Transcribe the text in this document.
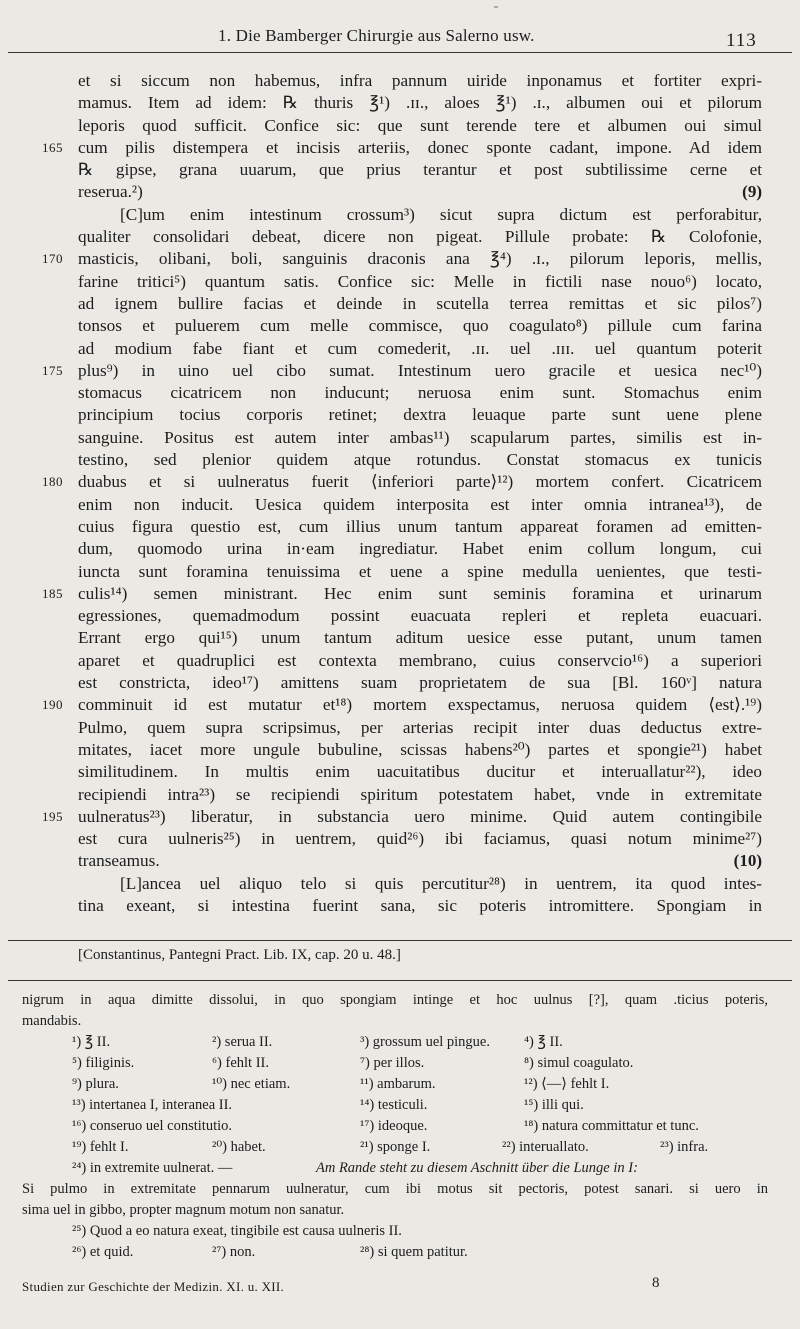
1. Die Bamberger Chirurgie aus Salerno usw.	113
et si siccum non habemus, infra pannum uiride inponamus et fortiter expri-
mamus. Item ad idem: ℞ thuris ℥¹) .ɪɪ., aloes ℥¹) .ɪ., albumen oui et pilorum
leporis quod sufficit. Confice sic: que sunt terende tere et albumen oui simul
165 cum pilis distempera et incisis arteriis, donec sponte cadant, impone. Ad idem
℞ gipse, grana uuarum, que prius terantur et post subtilissime cerne et
reserua.²)	(9)
[C]um enim intestinum crossum³) sicut supra dictum est perforabitur,
qualiter consolidari debeat, dicere non pigeat. Pillule probate: ℞ Colofonie,
170 masticis, olibani, boli, sanguinis draconis ana ℥⁴) .ɪ., pilorum leporis, mellis,
farine tritici⁵) quantum satis. Confice sic: Melle in fictili nase nouo⁶) locato,
ad ignem bullire facias et deinde in scutella terrea remittas et sic pilos⁷)
tonsos et puluerem cum melle commisce, quo coagulato⁸) pillule cum farina
ad modium fabe fiant et cum comederit, .ɪɪ. uel .ɪɪɪ. uel quantum poterit
175 plus⁹) in uino uel cibo sumat. Intestinum uero gracile et uesica nec¹⁰)
stomacus cicatricem non inducunt; neruosa enim sunt. Stomachus enim
principium tocius corporis retinet; dextra leuaque parte sunt uene plene
sanguine. Positus est autem inter ambas¹¹) scapularum partes, similis est in-
testino, sed plenior quidem atque rotundus. Constat stomacus ex tunicis
180 duabus et si uulneratus fuerit ⟨inferiori parte⟩¹²) mortem confert. Cicatricem
enim non inducit. Uesica quidem interposita est inter omnia intranea¹³), de
cuius figura questio est, cum illius unum tantum appareat foramen ad emitten-
dum, quomodo urina in·eam ingrediatur. Habet enim collum longum, cui
iuncta sunt foramina tenuissima et uene a spine medulla uenientes, que testi-
185 culis¹⁴) semen ministrant. Hec enim sunt seminis foramina et urinarum
egressiones, quemadmodum possint euacuata repleri et repleta euacuari.
Errant ergo qui¹⁵) unum tantum aditum uesice esse putant, unum tamen
aparet et quadruplici est contexta membrano, cuius conservcio¹⁶) a superiori
est constricta, ideo¹⁷) amittens suam proprietatem de sua [Bl. 160ᵛ] natura
190 comminuit id est mutatur et¹⁸) mortem exspectamus, neruosa quidem ⟨est⟩.¹⁹)
Pulmo, quem supra scripsimus, per arterias recipit inter duas deductus extre-
mitates, iacet more ungule bubuline, scissas habens²⁰) partes et spongie²¹) habet
similitudinem. In multis enim uacuitatibus ducitur et interuallatur²²), ideo
recipiendi intra²³) se recipiendi spiritum potestatem habet, vnde in extremitate
195 uulneratus²³) liberatur, in substancia uero minime. Quid autem contingibile
est cura uulneris²⁵) in uentrem, quid²⁶) ibi faciamus, quasi notum minime²⁷)
transeamus.	(10)
[L]ancea uel aliquo telo si quis percutitur²⁸) in uentrem, ita quod intes-
tina exeant, si intestina fuerint sana, sic poteris intromittere. Spongiam in
[Constantinus, Pantegni Pract. Lib. IX, cap. 20 u. 48.]
nigrum in aqua dimitte dissolui, in quo spongiam intinge et hoc uulnus [?], quam .ticius poteris,
mandabis.
¹) ℥ II.	²) serua II.	³) grossum uel pingue. ⁴) ℥ II.
⁵) filiginis.	⁶) fehlt II.	⁷) per illos.	⁸) simul coagulato.
⁹) plura.	¹⁰) nec etiam.	¹¹) ambarum.	¹²) ⟨—⟩ fehlt I.
¹³) intertanea I, interanea II.	¹⁴) testiculi.	¹⁵) illi qui.
¹⁶) conseruo uel constitutio.	¹⁷) ideoque.	¹⁸) natura committatur et tunc.
¹⁹) fehlt I.	²⁰) habet.	²¹) sponge I.	²²) interuallato.	²³) infra.
²⁴) in extremite uulnerat. —	Am Rande steht zu diesem Aschnitt über die Lunge in I:
Si pulmo in extremitate pennarum uulneratur, cum ibi motus sit pectoris, potest sanari. si uero in
sima uel in gibbo, propter magnum motum non sanatur.
²⁵) Quod a eo natura exeat, tingibile est causa uulneris II.
²⁶) et quid.	²⁷) non.	²⁸) si quem patitur.
Studien zur Geschichte der Medizin. XI. u. XII.	8
